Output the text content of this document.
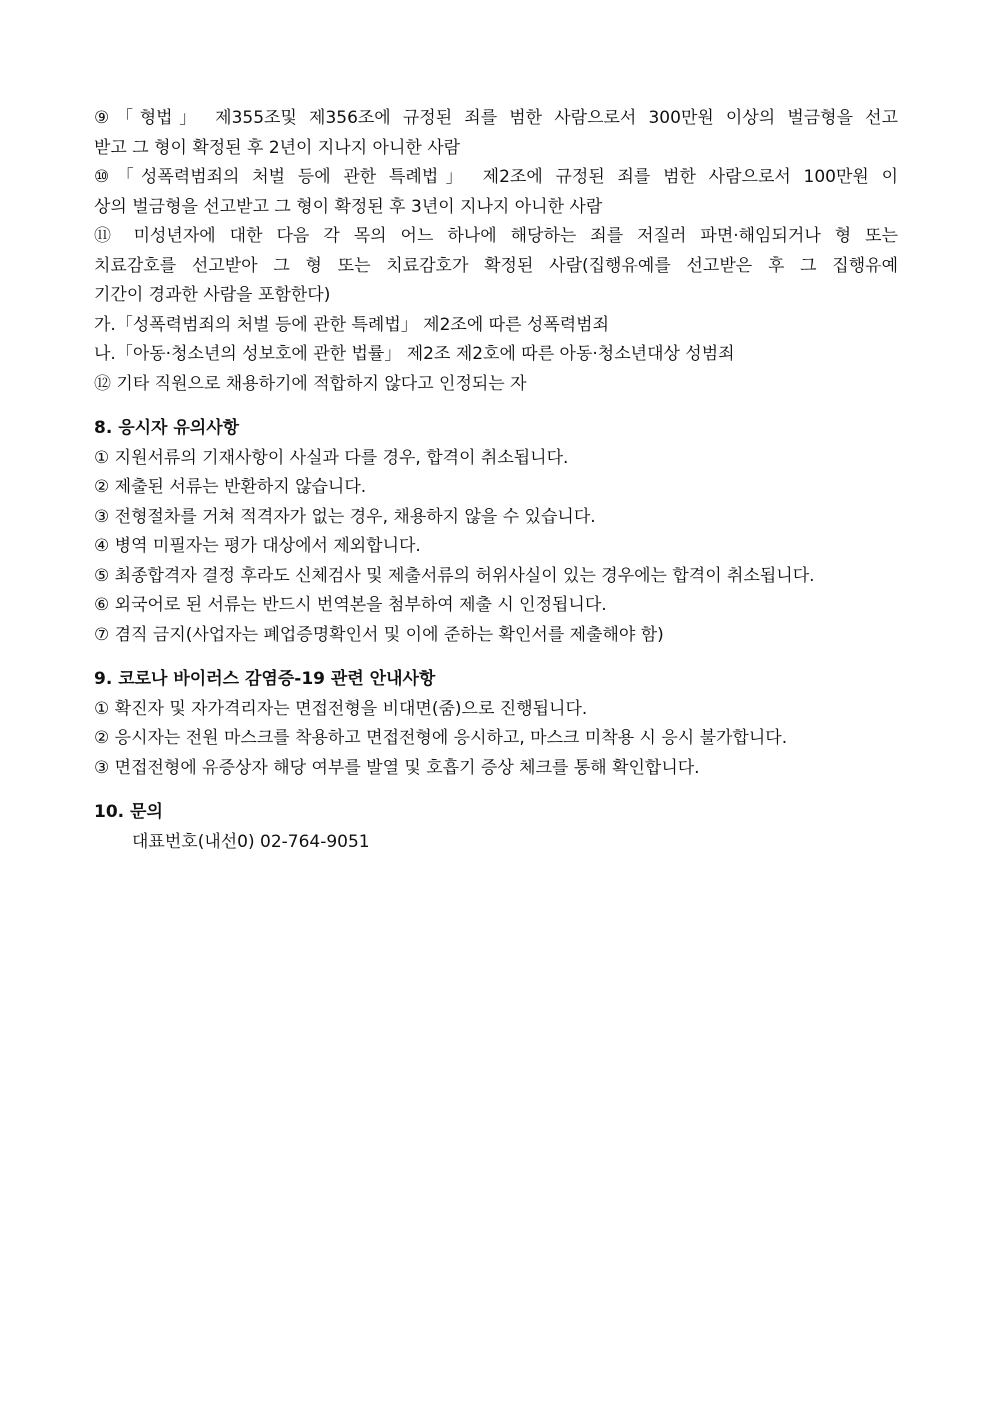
⑨「형법」 제355조및 제356조에 규정된 죄를 범한 사람으로서 300만원 이상의 벌금형을 선고
받고 그 형이 확정된 후 2년이 지나지 아니한 사람
⑩「성폭력범죄의 처벌 등에 관한 특례법」 제2조에 규정된 죄를 범한 사람으로서 100만원 이
상의 벌금형을 선고받고 그 형이 확정된 후 3년이 지나지 아니한 사람
⑪ 미성년자에 대한 다음 각 목의 어느 하나에 해당하는 죄를 저질러 파면·해임되거나 형 또는
치료감호를 선고받아 그 형 또는 치료감호가 확정된 사람(집행유예를 선고받은 후 그 집행유예
기간이 경과한 사람을 포함한다)
가.「성폭력범죄의 처벌 등에 관한 특례법」 제2조에 따른 성폭력범죄
나.「아동·청소년의 성보호에 관한 법률」 제2조 제2호에 따른 아동·청소년대상 성범죄
⑫ 기타 직원으로 채용하기에 적합하지 않다고 인정되는 자
8. 응시자 유의사항
① 지원서류의 기재사항이 사실과 다를 경우, 합격이 취소됩니다.
② 제출된 서류는 반환하지 않습니다.
③ 전형절차를 거쳐 적격자가 없는 경우, 채용하지 않을 수 있습니다.
④ 병역 미필자는 평가 대상에서 제외합니다.
⑤ 최종합격자 결정 후라도 신체검사 및 제출서류의 허위사실이 있는 경우에는 합격이 취소됩니다.
⑥ 외국어로 된 서류는 반드시 번역본을 첨부하여 제출 시 인정됩니다.
⑦ 겸직 금지(사업자는 폐업증명확인서 및 이에 준하는 확인서를 제출해야 함)
9. 코로나 바이러스 감염증-19 관련 안내사항
① 확진자 및 자가격리자는 면접전형을 비대면(줌)으로 진행됩니다.
② 응시자는 전원 마스크를 착용하고 면접전형에 응시하고, 마스크 미착용 시 응시 불가합니다.
③ 면접전형에 유증상자 해당 여부를 발열 및 호흡기 증상 체크를 통해 확인합니다.
10. 문의
대표번호(내선0) 02-764-9051
